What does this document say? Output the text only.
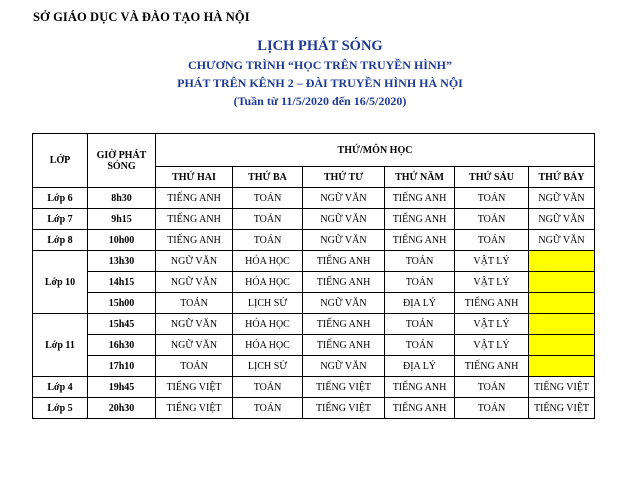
SỞ GIÁO DỤC VÀ ĐÀO TẠO HÀ NỘI
LỊCH PHÁT SÓNG
CHƯƠNG TRÌNH “HỌC TRÊN TRUYỀN HÌNH”
PHÁT TRÊN KÊNH 2 – ĐÀI TRUYỀN HÌNH HÀ NỘI
(Tuần từ 11/5/2020 đến 16/5/2020)
LỚP	GIỜ PHÁT SÓNG	THỨ/MÔN HỌC					
		THỨ HAI	THỨ BA	THỨ TƯ	THỨ NĂM	THỨ SÁU	THỨ BẢY
Lớp 6	8h30	TIẾNG ANH	TOÁN	NGỮ VĂN	TIẾNG ANH	TOÁN	NGỮ VĂN
Lớp 7	9h15	TIẾNG ANH	TOÁN	NGỮ VĂN	TIẾNG ANH	TOÁN	NGỮ VĂN
Lớp 8	10h00	TIẾNG ANH	TOÁN	NGỮ VĂN	TIẾNG ANH	TOÁN	NGỮ VĂN
Lớp 10	13h30	NGỮ VĂN	HÓA HỌC	TIẾNG ANH	TOÁN	VẬT LÝ	
	14h15	NGỮ VĂN	HÓA HỌC	TIẾNG ANH	TOÁN	VẬT LÝ	
	15h00	TOÁN	LỊCH SỬ	NGỮ VĂN	ĐỊA LÝ	TIẾNG ANH	
Lớp 11	15h45	NGỮ VĂN	HÓA HỌC	TIẾNG ANH	TOÁN	VẬT LÝ	
	16h30	NGỮ VĂN	HÓA HỌC	TIẾNG ANH	TOÁN	VẬT LÝ	
	17h10	TOÁN	LỊCH SỬ	NGỮ VĂN	ĐỊA LÝ	TIẾNG ANH	
Lớp 4	19h45	TIẾNG VIỆT	TOÁN	TIẾNG VIỆT	TIẾNG ANH	TOÁN	TIẾNG VIỆT
Lớp 5	20h30	TIẾNG VIỆT	TOÁN	TIẾNG VIỆT	TIẾNG ANH	TOÁN	TIẾNG VIỆT
